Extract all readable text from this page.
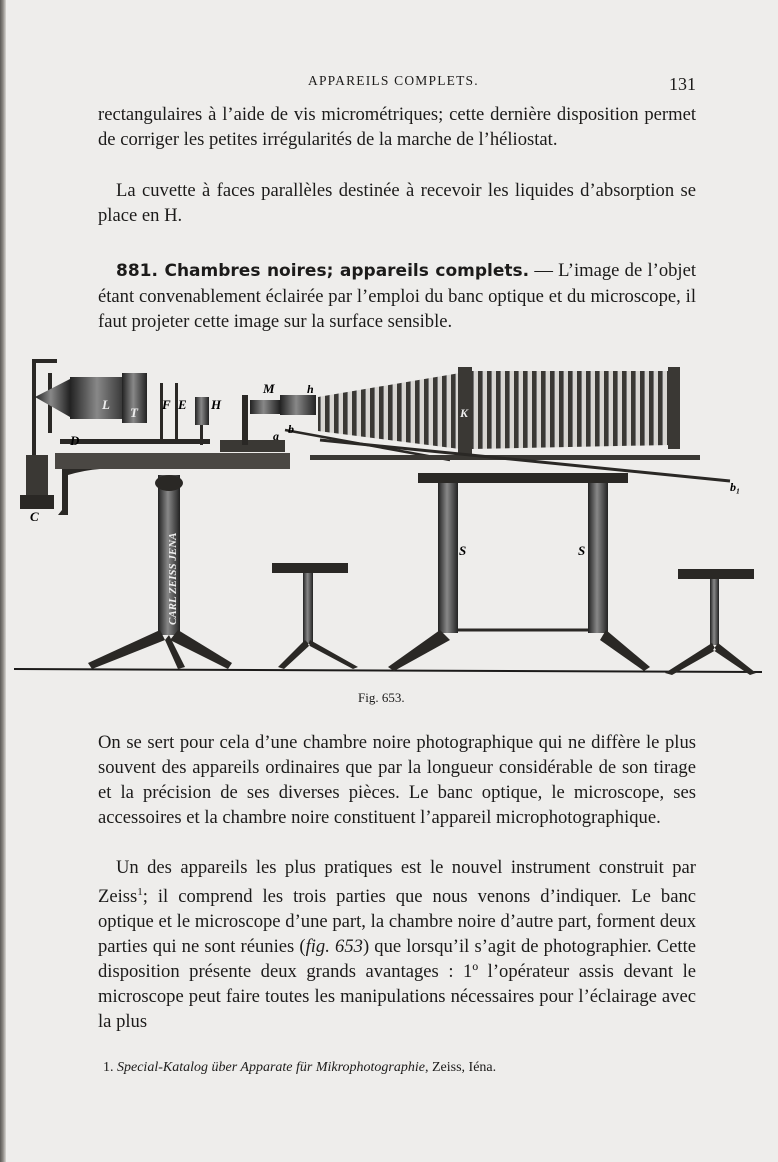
APPAREILS COMPLETS.	131
rectangulaires à l’aide de vis micrométriques; cette dernière disposition permet de corriger les petites irrégularités de la marche de l’héliostat.
La cuvette à faces parallèles destinée à recevoir les liquides d’absorption se place en H.
881. Chambres noires; appareils complets. — L’image de l’objet étant convenablement éclairée par l’emploi du banc optique et du microscope, il faut projeter cette image sur la surface sensible.
CARL ZEISS JENA
C
D
L
T
F E H
M	h
a b
K
S	S
b₁
Fig. 653.
On se sert pour cela d’une chambre noire photographique qui ne diffère le plus souvent des appareils ordinaires que par la longueur considérable de son tirage et la précision de ses diverses pièces. Le banc optique, le microscope, ses accessoires et la chambre noire constituent l’appareil microphotographique.
Un des appareils les plus pratiques est le nouvel instrument construit par Zeiss$^1$; il comprend les trois parties que nous venons d’indiquer. Le banc optique et le microscope d’une part, la chambre noire d’autre part, forment deux parties qui ne sont réunies (fig. 653) que lorsqu’il s’agit de photographier. Cette disposition présente deux grands avantages : 1º l’opérateur assis devant le microscope peut faire toutes les manipulations nécessaires pour l’éclairage avec la plus
1. Special-Katalog über Apparate für Mikrophotographie, Zeiss, Iéna.
